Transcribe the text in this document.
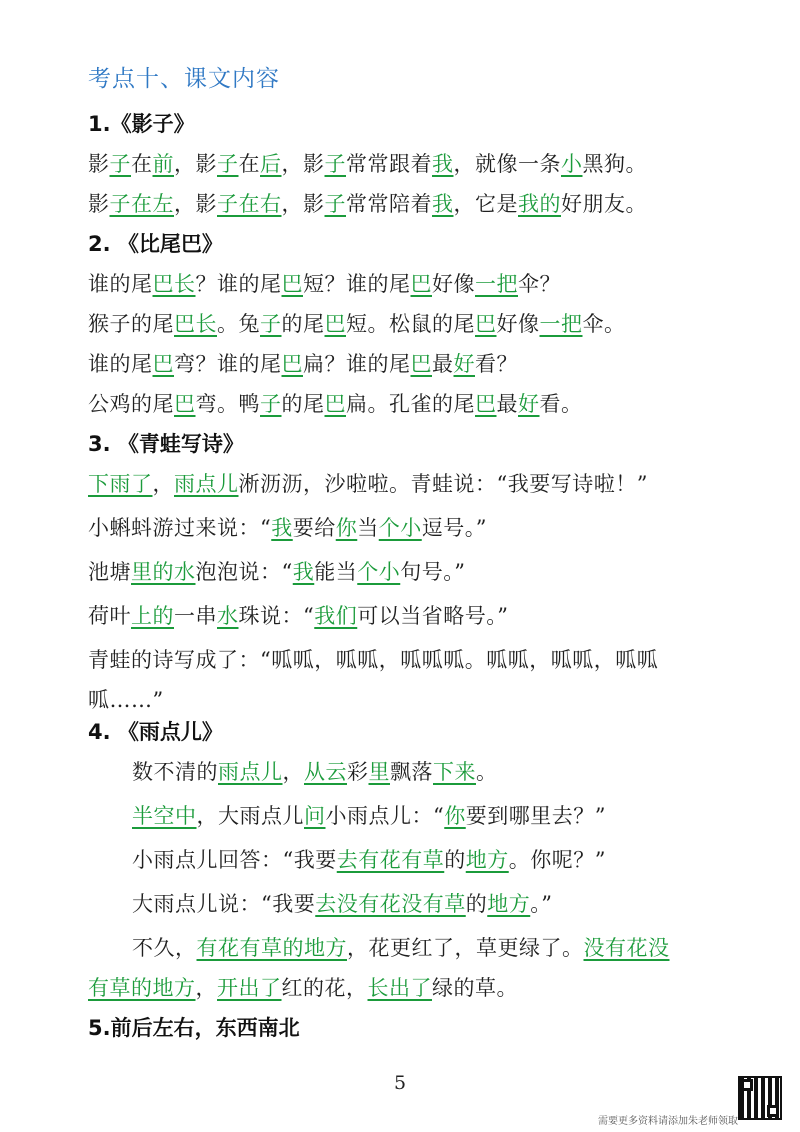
考点十、课文内容
1.《影子》
影子在前，影子在后，影子常常跟着我，就像一条小黑狗。
影子在左，影子在右，影子常常陪着我，它是我的好朋友。
2. 《比尾巴》
谁的尾巴长？谁的尾巴短？谁的尾巴好像一把伞？
猴子的尾巴长。兔子的尾巴短。松鼠的尾巴好像一把伞。
谁的尾巴弯？谁的尾巴扁？谁的尾巴最好看？
公鸡的尾巴弯。鸭子的尾巴扁。孔雀的尾巴最好看。
3. 《青蛙写诗》
下雨了，雨点儿淅沥沥，沙啦啦。青蛙说：“我要写诗啦！”
小蝌蚪游过来说：“我要给你当个小逗号。”
池塘里的水泡泡说：“我能当个小句号。”
荷叶上的一串水珠说：“我们可以当省略号。”
青蛙的诗写成了：“呱呱，呱呱，呱呱呱。呱呱，呱呱，呱呱
呱……”
4. 《雨点儿》
数不清的雨点儿，从云彩里飘落下来。
半空中，大雨点儿问小雨点儿：“你要到哪里去？”
小雨点儿回答：“我要去有花有草的地方。你呢？”
大雨点儿说：“我要去没有花没有草的地方。”
不久，有花有草的地方，花更红了，草更绿了。没有花没
有草的地方，开出了红的花，长出了绿的草。
5.前后左右，东西南北
5
需要更多资料请添加朱老师领取
